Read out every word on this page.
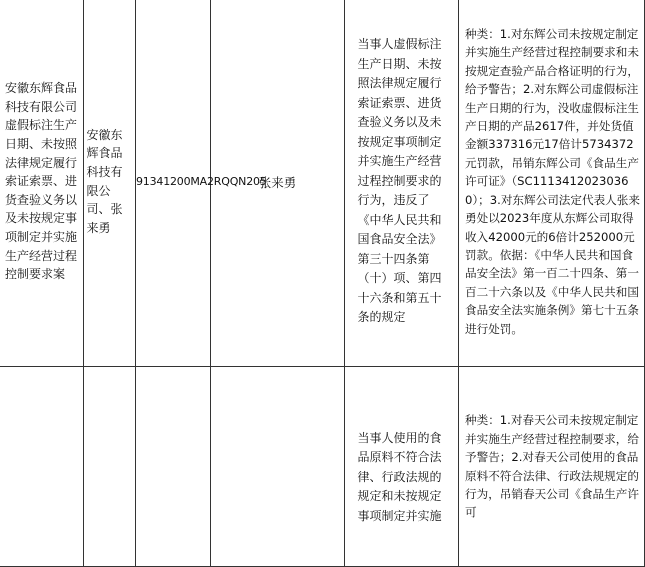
安徽东辉食品科技有限公司虚假标注生产日期、未按照法律规定履行索证索票、进货查验义务以及未按规定事项制定并实施生产经营过程控制要求案	安徽东辉食品科技有限公司、张来勇	91341200MA2RQQN205	张来勇	当事人虚假标注生产日期、未按照法律规定履行索证索票、进货查验义务以及未按规定事项制定并实施生产经营过程控制要求的行为，违反了《中华人民共和国食品安全法》第三十四条第（十）项、第四十六条和第五十条的规定	种类：1.对东辉公司未按规定制定并实施生产经营过程控制要求和未按规定查验产品合格证明的行为，给予警告；2.对东辉公司虚假标注生产日期的行为，没收虚假标注生产日期的产品2617件，并处货值金额337316元17倍计5734372元罚款，吊销东辉公司《食品生产许可证》（SC11134120230360）；3.对东辉公司法定代表人张来勇处以2023年度从东辉公司取得收入42000元的6倍计252000元罚款。依据：《中华人民共和国食品安全法》第一百二十四条、第一百二十六条以及《中华人民共和国食品安全法实施条例》第七十五条进行处罚。

				当事人使用的食品原料不符合法律、行政法规的规定和未按规定事项制定并实施	种类：1.对春天公司未按规定制定并实施生产经营过程控制要求，给予警告；2.对春天公司使用的食品原料不符合法律、行政法规规定的行为，吊销春天公司《食品生产许可
